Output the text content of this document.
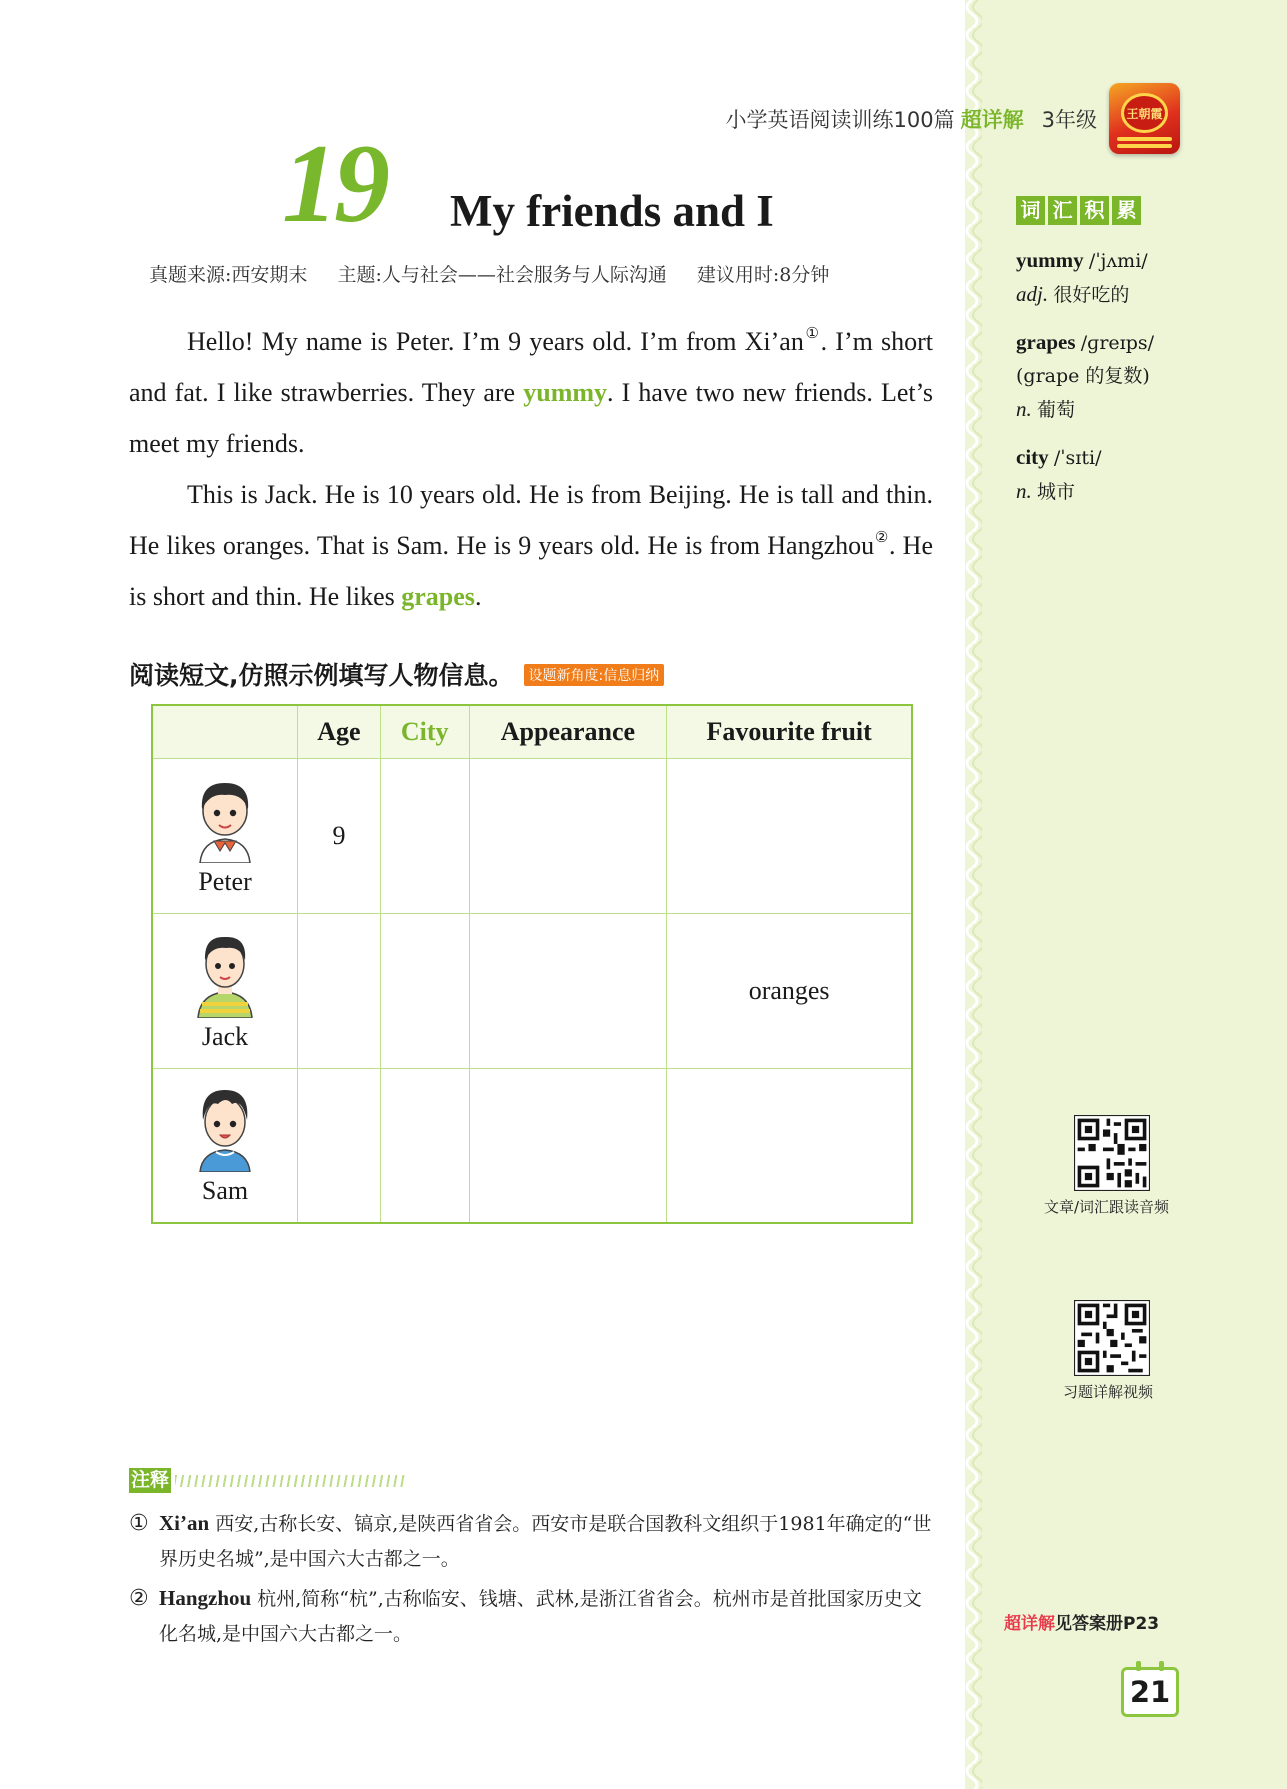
小学英语阅读训练100篇 超详解 3年级 王朝霞
19 My friends and I
真题来源:西安期末 主题:人与社会——社会服务与人际沟通 建议用时:8分钟

Hello! My name is Peter. I’m 9 years old. I’m from Xi’an①. I’m short and fat. I like strawberries. They are yummy. I have two new friends. Let’s meet my friends.

This is Jack. He is 10 years old. He is from Beijing. He is tall and thin. He likes oranges. That is Sam. He is 9 years old. He is from Hangzhou②. He is short and thin. He likes grapes.

阅读短文,仿照示例填写人物信息。 设题新角度:信息归纳
	Age	City	Appearance	Favourite fruit

Peter	9			

Jack				oranges

Sam				

词 汇 积 累
yummy /ˈjʌmi/
adj. 很好吃的
grapes /ɡreɪps/
(grape 的复数)
n. 葡萄
city /ˈsɪti/
n. 城市
文章/词汇跟读音频
习题详解视频
注释
① Xi’an 西安,古称长安、镐京,是陕西省省会。西安市是联合国教科文组织于1981年确定的“世界历史名城”,是中国六大古都之一。
② Hangzhou 杭州,简称“杭”,古称临安、钱塘、武林,是浙江省省会。杭州市是首批国家历史文化名城,是中国六大古都之一。	超详解见答案册P23
21
